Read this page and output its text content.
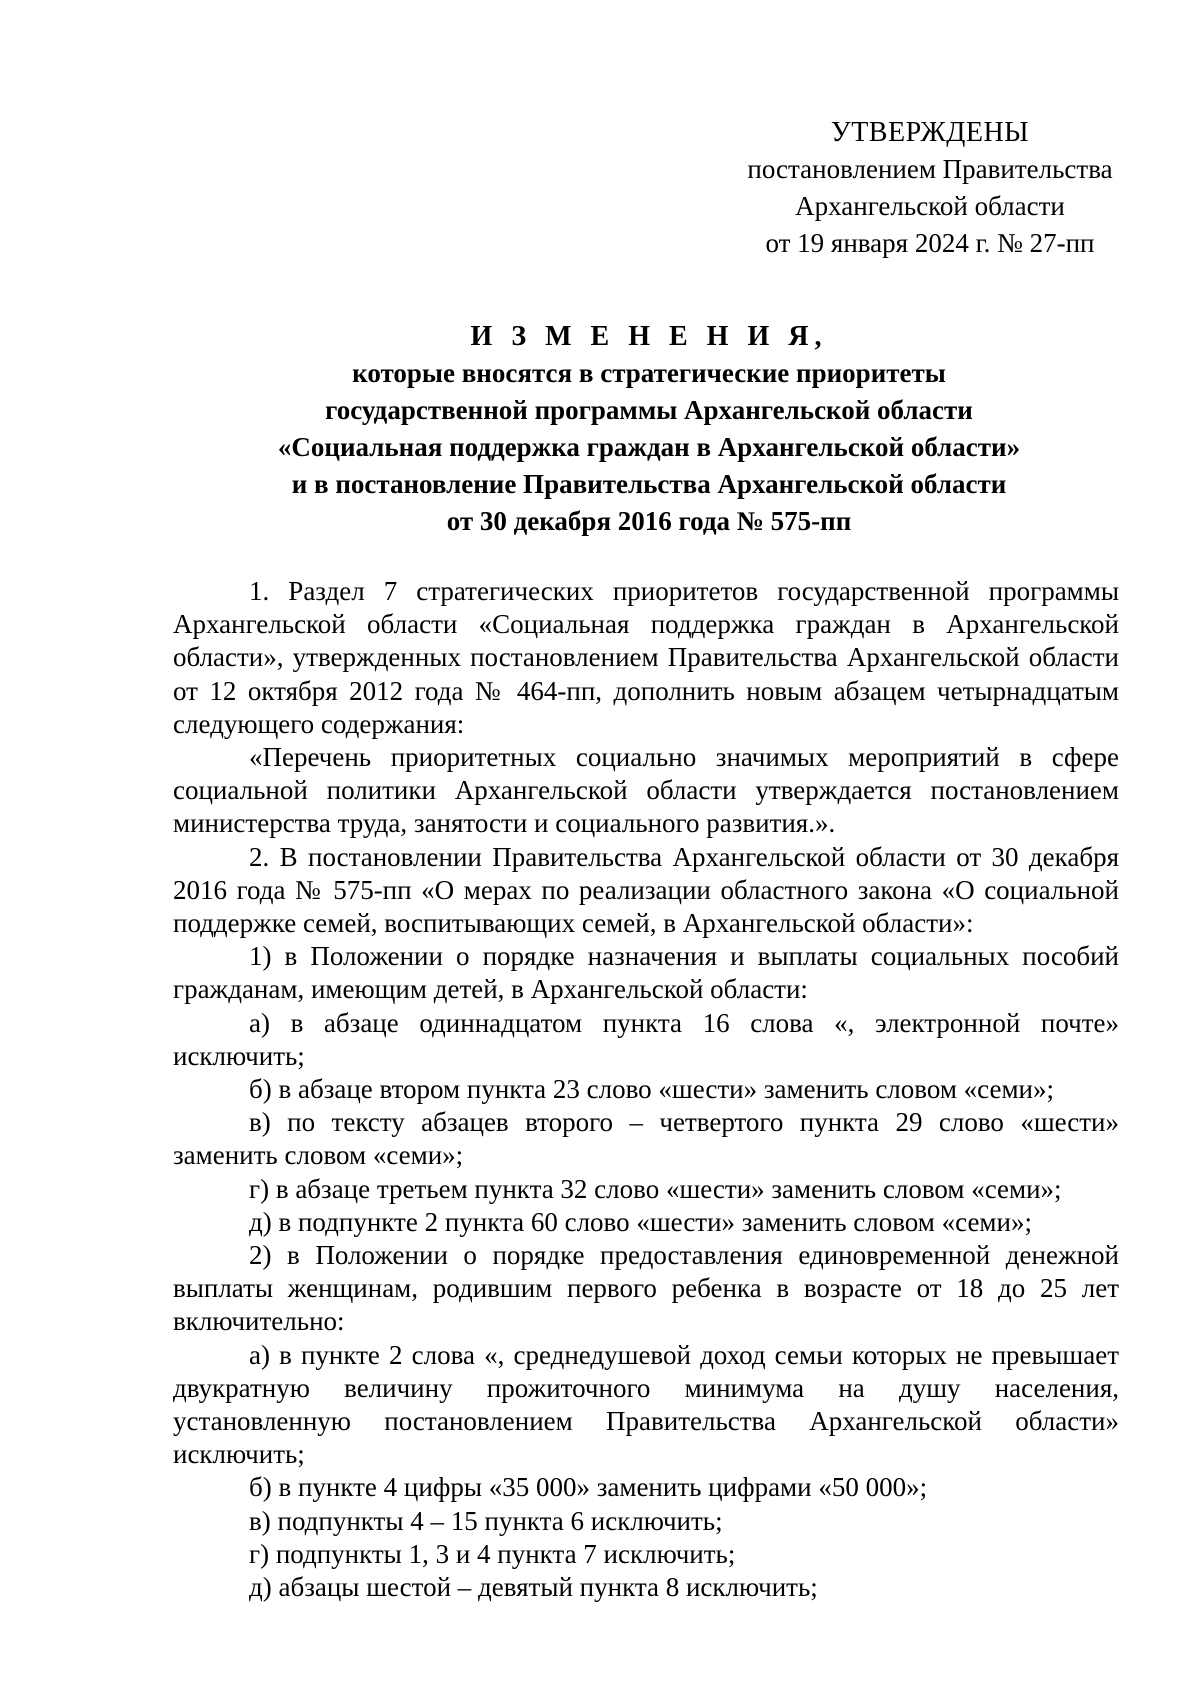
УТВЕРЖДЕНЫ
постановлением Правительства
Архангельской области
от 19 января 2024 г. № 27-пп
И З М Е Н Е Н И Я,
которые вносятся в стратегические приоритеты
государственной программы Архангельской области
«Социальная поддержка граждан в Архангельской области»
и в постановление Правительства Архангельской области
от 30 декабря 2016 года № 575-пп

1. Раздел 7 стратегических приоритетов государственной программы Архангельской области «Социальная поддержка граждан в Архангельской области», утвержденных постановлением Правительства Архангельской области от 12 октября 2012 года № 464-пп, дополнить новым абзацем четырнадцатым следующего содержания:

«Перечень приоритетных социально значимых мероприятий в сфере социальной политики Архангельской области утверждается постановлением министерства труда, занятости и социального развития.».

2. В постановлении Правительства Архангельской области от 30 декабря 2016 года № 575-пп «О мерах по реализации областного закона «О социальной поддержке семей, воспитывающих семей, в Архангельской области»:

1) в Положении о порядке назначения и выплаты социальных пособий гражданам, имеющим детей, в Архангельской области:

а) в абзаце одиннадцатом пункта 16 слова «, электронной почте» исключить;

б) в абзаце втором пункта 23 слово «шести» заменить словом «семи»;

в) по тексту абзацев второго – четвертого пункта 29 слово «шести» заменить словом «семи»;

г) в абзаце третьем пункта 32 слово «шести» заменить словом «семи»;

д) в подпункте 2 пункта 60 слово «шести» заменить словом «семи»;

2) в Положении о порядке предоставления единовременной денежной выплаты женщинам, родившим первого ребенка в возрасте от 18 до 25 лет включительно:

а) в пункте 2 слова «, среднедушевой доход семьи которых не превышает двукратную величину прожиточного минимума на душу населения, установленную постановлением Правительства Архангельской области» исключить;

б) в пункте 4 цифры «35 000» заменить цифрами «50 000»;

в) подпункты 4 – 15 пункта 6 исключить;

г) подпункты 1, 3 и 4 пункта 7 исключить;

д) абзацы шестой – девятый пункта 8 исключить;
